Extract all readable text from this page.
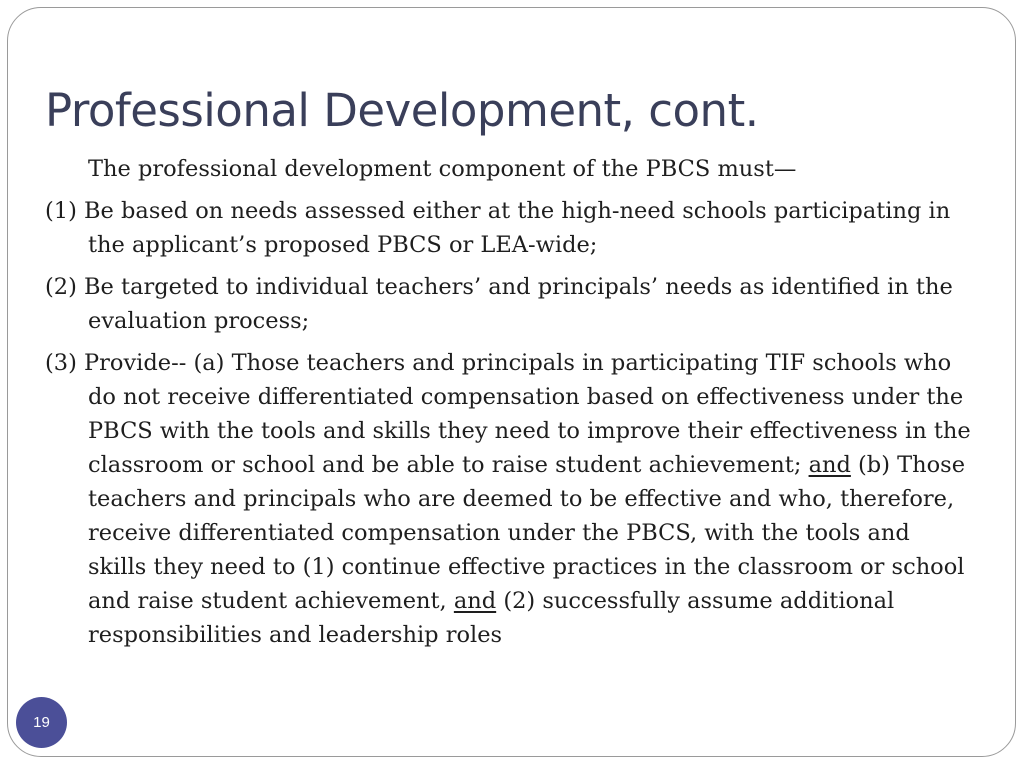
Professional Development, cont.

The professional development component of the PBCS must—

(1) Be based on needs assessed either at the high-need schools participating in the applicant’s proposed PBCS or LEA-wide;

(2) Be targeted to individual teachers’ and principals’ needs as identified in the evaluation process;

(3) Provide-- (a) Those teachers and principals in participating TIF schools who do not receive differentiated compensation based on effectiveness under the PBCS with the tools and skills they need to improve their effectiveness in the classroom or school and be able to raise student achievement; and (b) Those teachers and principals who are deemed to be effective and who, therefore, receive differentiated compensation under the PBCS, with the tools and skills they need to (1) continue effective practices in the classroom or school and raise student achievement, and (2) successfully assume additional responsibilities and leadership roles

19
